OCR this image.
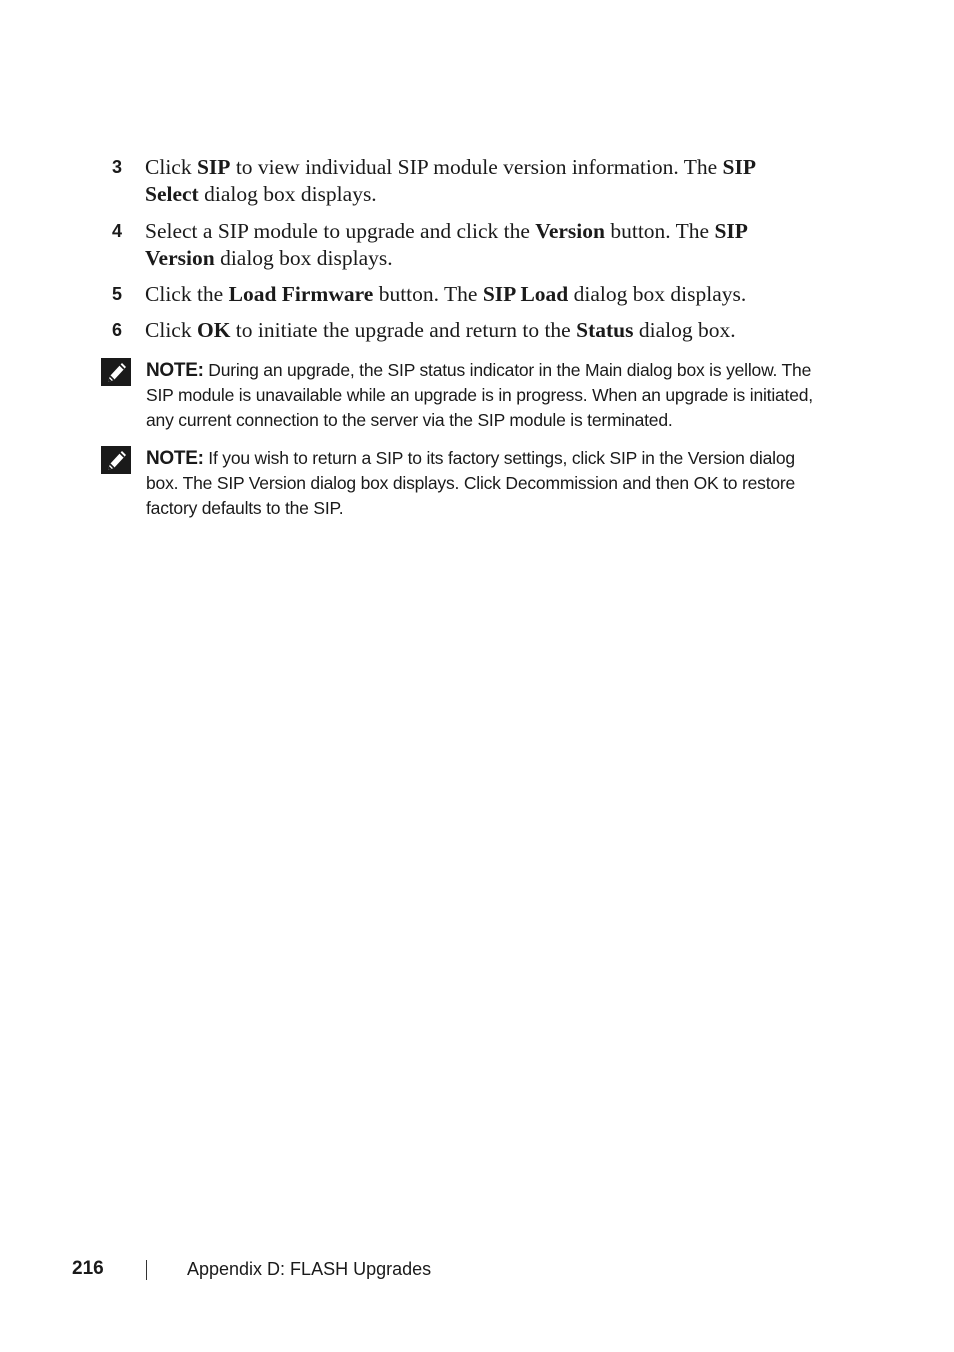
3 Click SIP to view individual SIP module version information. The SIP Select dialog box displays.
4 Select a SIP module to upgrade and click the Version button. The SIP Version dialog box displays.
5 Click the Load Firmware button. The SIP Load dialog box displays.
6 Click OK to initiate the upgrade and return to the Status dialog box.
NOTE: During an upgrade, the SIP status indicator in the Main dialog box is yellow. The SIP module is unavailable while an upgrade is in progress. When an upgrade is initiated, any current connection to the server via the SIP module is terminated.
NOTE: If you wish to return a SIP to its factory settings, click SIP in the Version dialog box. The SIP Version dialog box displays. Click Decommission and then OK to restore factory defaults to the SIP.
216	Appendix D: FLASH Upgrades
